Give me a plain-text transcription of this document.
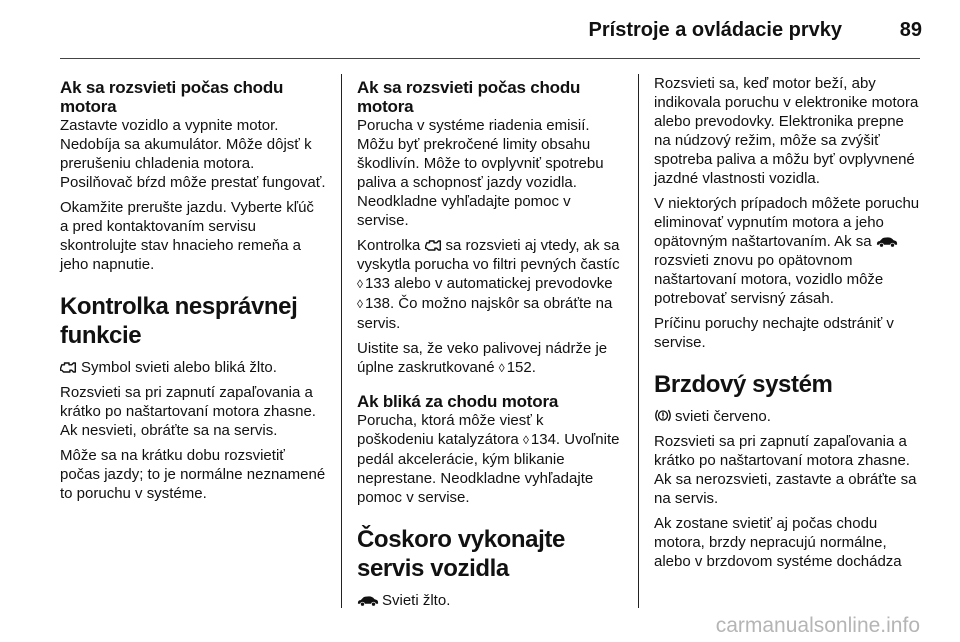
Prístroje a ovládacie prvky	89
Ak sa rozsvieti počas chodu motora

Zastavte vozidlo a vypnite motor. Nedobíja sa akumulátor. Môže dôjsť k prerušeniu chladenia motora. Posilňovač bŕzd môže prestať fungovať.

Okamžite prerušte jazdu. Vyberte kľúč a pred kontaktovaním servisu skontrolujte stav hnacieho remeňa a jeho napnutie.

Kontrolka nesprávnej funkcie

Symbol svieti alebo bliká žlto.

Rozsvieti sa pri zapnutí zapaľovania a krátko po naštartovaní motora zhasne. Ak nesvieti, obráťte sa na servis.

Môže sa na krátku dobu rozsvietiť počas jazdy; to je normálne neznamené to poruchu v systéme.

Ak sa rozsvieti počas chodu motora

Porucha v systéme riadenia emisií. Môžu byť prekročené limity obsahu škodlivín. Môže to ovplyvniť spotrebu paliva a schopnosť jazdy vozidla. Neodkladne vyhľadajte pomoc v servise.

Kontrolka sa rozsvieti aj vtedy, ak sa vyskytla porucha vo filtri pevných častíc ◊ 133 alebo v automatickej prevodovke ◊ 138. Čo možno najskôr sa obráťte na servis.

Uistite sa, že veko palivovej nádrže je úplne zaskrutkované ◊ 152.

Ak bliká za chodu motora

Porucha, ktorá môže viesť k poškodeniu katalyzátora ◊ 134. Uvoľnite pedál akcelerácie, kým blikanie neprestane. Neodkladne vyhľadajte pomoc v servise.

Čoskoro vykonajte servis vozidla

Svieti žlto.

Rozsvieti sa, keď motor beží, aby indikovala poruchu v elektronike motora alebo prevodovky. Elektronika prepne na núdzový režim, môže sa zvýšiť spotreba paliva a môžu byť ovplyvnené jazdné vlastnosti vozidla.

V niektorých prípadoch môžete poruchu eliminovať vypnutím motora a jeho opätovným naštartovaním. Ak sa rozsvieti znovu po opätovnom naštartovaní motora, vozidlo môže potrebovať servisný zásah.

Príčinu poruchy nechajte odstrániť v servise.

Brzdový systém

svieti červeno.

Rozsvieti sa pri zapnutí zapaľovania a krátko po naštartovaní motora zhasne. Ak sa nerozsvieti, zastavte a obráťte sa na servis.

Ak zostane svietiť aj počas chodu motora, brzdy nepracujú normálne, alebo v brzdovom systéme dochádza

carmanualsonline.info
